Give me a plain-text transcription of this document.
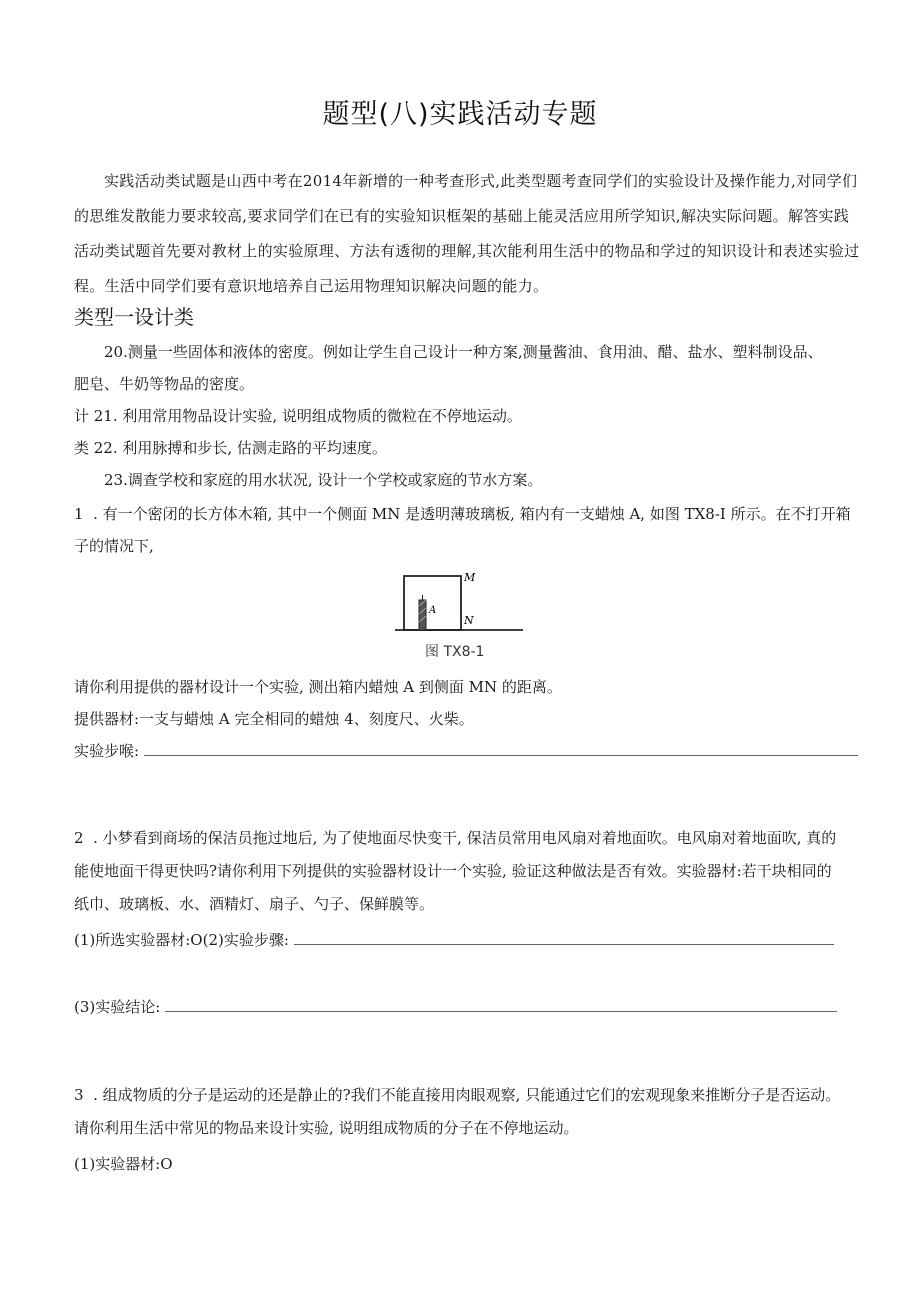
题型(八)实践活动专题

实践活动类试题是山西中考在2014年新增的一种考查形式,此类型题考查同学们的实验设计及操作能力,对同学们的思维发散能力要求较高,要求同学们在已有的实验知识框架的基础上能灵活应用所学知识,解决实际问题。解答实践活动类试题首先要对教材上的实验原理、方法有透彻的理解,其次能利用生活中的物品和学过的知识设计和表述实验过程。生活中同学们要有意识地培养自己运用物理知识解决问题的能力。

类型一设计类
20.测量一些固体和液体的密度。例如让学生自己设计一种方案,测量酱油、食用油、醋、盐水、塑料制设品、
肥皂、牛奶等物品的密度。
计 21. 利用常用物品设计实验, 说明组成物质的微粒在不停地运动。
类 22. 利用脉搏和步长, 估测走路的平均速度。
23.调查学校和家庭的用水状况, 设计一个学校或家庭的节水方案。
1  . 有一个密闭的长方体木箱, 其中一个侧面 MN 是透明薄玻璃板, 箱内有一支蜡烛 A, 如图 TX8-I 所示。在不打开箱
子的情况下,
A
M
N
图 TX8-1
请你利用提供的器材设计一个实验, 测出箱内蜡烛 A 到侧面 MN 的距离。
提供器材:一支与蜡烛 A 完全相同的蜡烛 4、刻度尺、火柴。
实验步喉:
2  . 小梦看到商场的保洁员拖过地后, 为了使地面尽快变干, 保洁员常用电风扇对着地面吹。电风扇对着地面吹, 真的
能使地面干得更快吗?请你利用下列提供的实验器材设计一个实验, 验证这种做法是否有效。实验器材:若干块相同的
纸巾、玻璃板、水、酒精灯、扇子、勺子、保鲜膜等。
(1)所选实验器材:O(2)实验步骤:
(3)实验结论:
3  . 组成物质的分子是运动的还是静止的?我们不能直接用肉眼观察, 只能通过它们的宏观现象来推断分子是否运动。
请你利用生活中常见的物品来设计实验, 说明组成物质的分子在不停地运动。
(1)实验器材:O
